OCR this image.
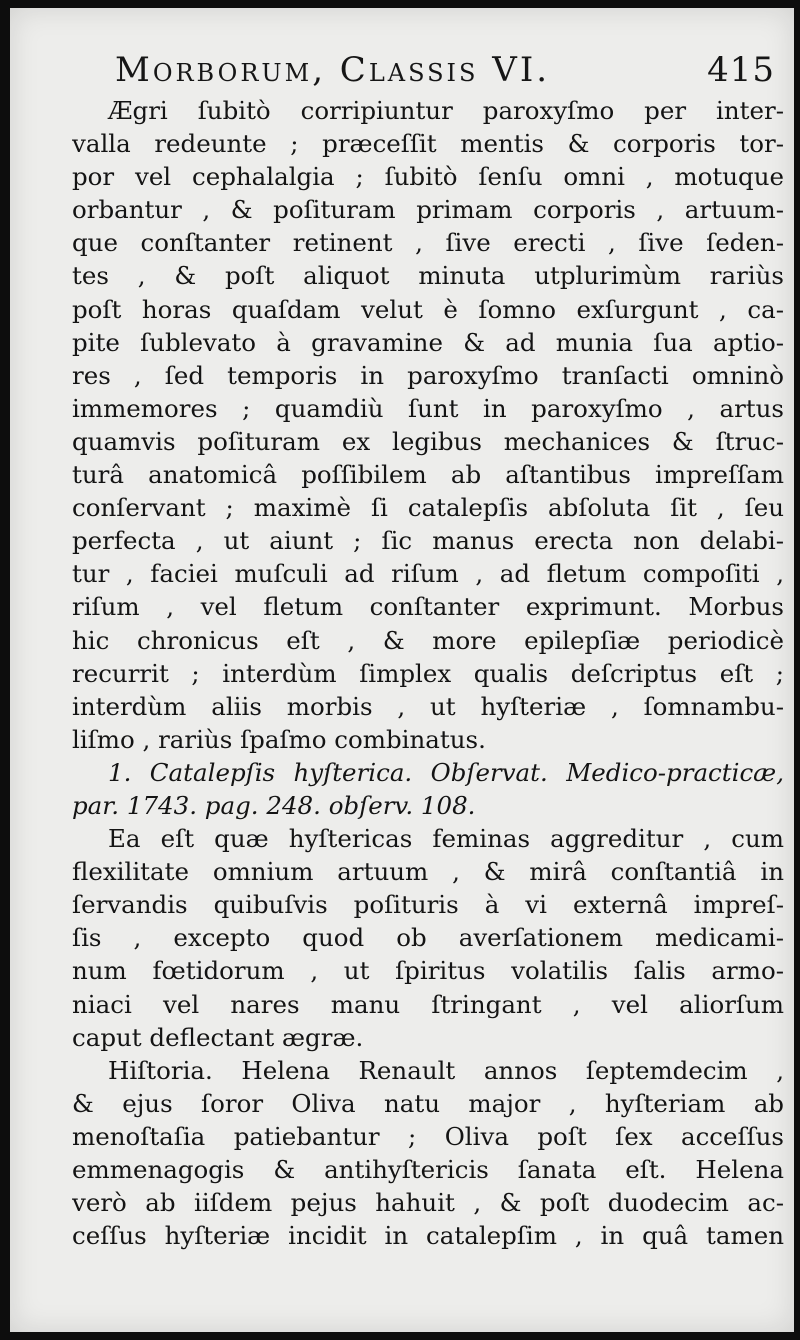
Morborum, Classis VI.	415
Ægri ſubitò corripiuntur paroxyſmo per inter-
valla redeunte ; præceſſit mentis & corporis tor-
por vel cephalalgia ; ſubitò ſenſu omni , motuque
orbantur , & poſituram primam corporis , artuum-
que conſtanter retinent , ſive erecti , ſive ſeden-
tes , & poſt aliquot minuta utplurimùm rariùs
poſt horas quaſdam velut è ſomno exſurgunt , ca-
pite ſublevato à gravamine & ad munia ſua aptio-
res , ſed temporis in paroxyſmo tranſacti omninò
immemores ; quamdiù ſunt in paroxyſmo , artus
quamvis poſituram ex legibus mechanices & ſtruc-
turâ anatomicâ poſſibilem ab aſtantibus impreſſam
conſervant ; maximè ſi catalepſis abſoluta ſit , ſeu
perfecta , ut aiunt ; ſic manus erecta non delabi-
tur , faciei muſculi ad riſum , ad fletum compoſiti ,
riſum , vel fletum conſtanter exprimunt. Morbus
hic chronicus eſt , & more epilepſiæ periodicè
recurrit ; interdùm ſimplex qualis deſcriptus eſt ;
interdùm aliis morbis , ut hyſteriæ , ſomnambu-
liſmo , rariùs ſpaſmo combinatus.
1. Catalepſis hyſterica. Obſervat. Medico-practicæ,
par. 1743. pag. 248. obſerv. 108.
Ea eſt quæ hyſtericas feminas aggreditur , cum
flexilitate omnium artuum , & mirâ conſtantiâ in
ſervandis quibuſvis poſituris à vi externâ impreſ-
ſis , excepto quod ob averſationem medicami-
num fœtidorum , ut ſpiritus volatilis ſalis armo-
niaci vel nares manu ſtringant , vel aliorſum
caput deflectant ægræ.
Hiſtoria. Helena Renault annos ſeptemdecim ,
& ejus ſoror Oliva natu major , hyſteriam ab
menoſtaſia patiebantur ; Oliva poſt ſex acceſſus
emmenagogis & antihyſtericis ſanata eſt. Helena
verò ab iiſdem pejus hahuit , & poſt duodecim ac-
ceſſus hyſteriæ incidit in catalepſim , in quâ tamen
